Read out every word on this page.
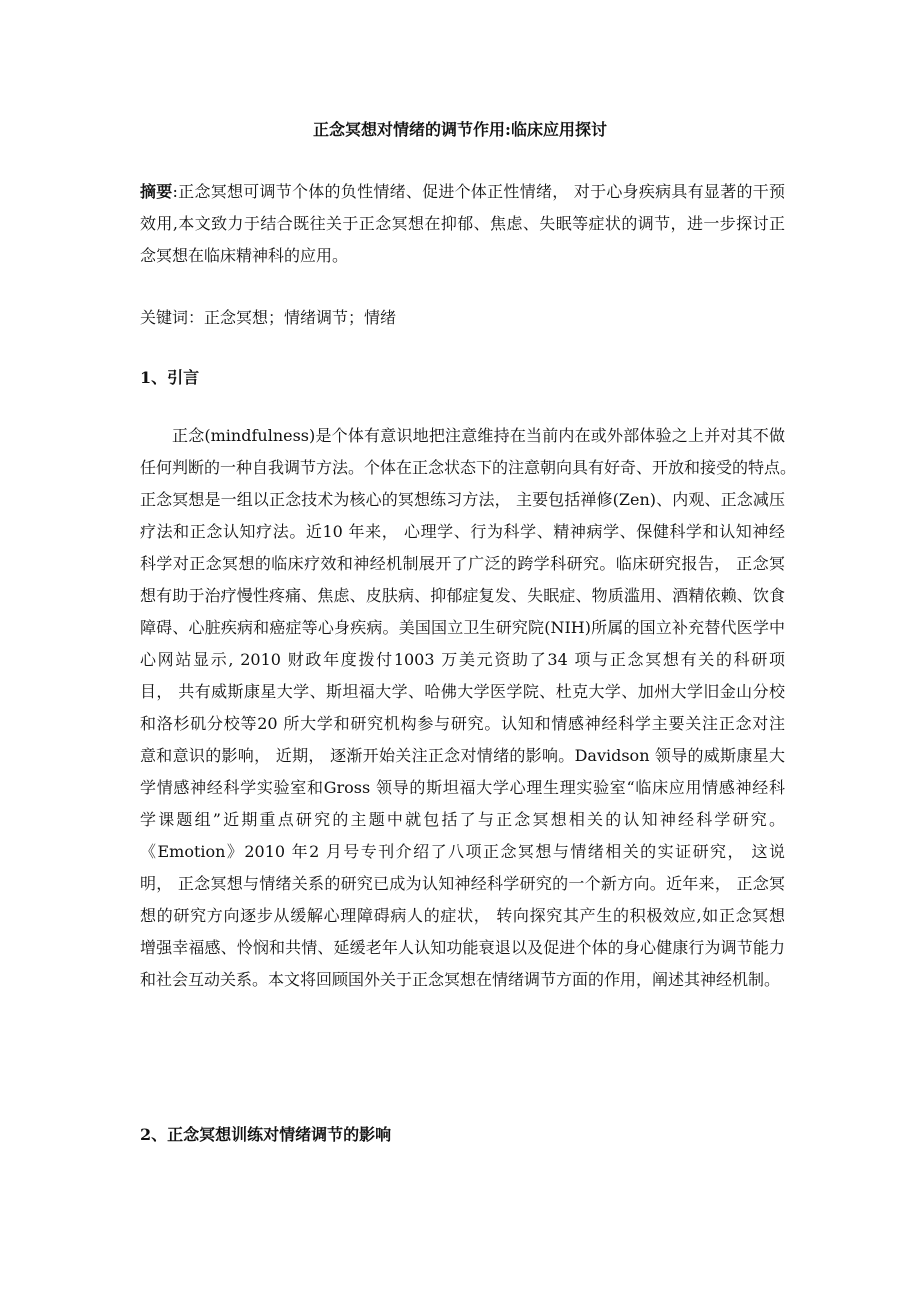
正念冥想对情绪的调节作用:临床应用探讨

摘要:正念冥想可调节个体的负性情绪、促进个体正性情绪， 对于心身疾病具有显著的干预
效用,本文致力于结合既往关于正念冥想在抑郁、焦虑、失眠等症状的调节，进一步探讨正
念冥想在临床精神科的应用。

关键词：正念冥想；情绪调节；情绪

1、引言

正念(mindfulness)是个体有意识地把注意维持在当前内在或外部体验之上并对其不做
任何判断的一种自我调节方法。个体在正念状态下的注意朝向具有好奇、开放和接受的特点。
正念冥想是一组以正念技术为核心的冥想练习方法， 主要包括禅修(Zen)、内观、正念减压
疗法和正念认知疗法。近10 年来， 心理学、行为科学、精神病学、保健科学和认知神经
科学对正念冥想的临床疗效和神经机制展开了广泛的跨学科研究。临床研究报告， 正念冥
想有助于治疗慢性疼痛、焦虑、皮肤病、抑郁症复发、失眠症、物质滥用、酒精依赖、饮食
障碍、心脏疾病和癌症等心身疾病。美国国立卫生研究院(NIH)所属的国立补充替代医学中
心网站显示, 2010 财政年度拨付1003 万美元资助了34 项与正念冥想有关的科研项
目， 共有威斯康星大学、斯坦福大学、哈佛大学医学院、杜克大学、加州大学旧金山分校
和洛杉矶分校等20 所大学和研究机构参与研究。认知和情感神经科学主要关注正念对注
意和意识的影响， 近期， 逐渐开始关注正念对情绪的影响。Davidson 领导的威斯康星大
学情感神经科学实验室和Gross 领导的斯坦福大学心理生理实验室“临床应用情感神经科
学课题组”近期重点研究的主题中就包括了与正念冥想相关的认知神经科学研究。
《Emotion》2010 年2 月号专刊介绍了八项正念冥想与情绪相关的实证研究， 这说
明， 正念冥想与情绪关系的研究已成为认知神经科学研究的一个新方向。近年来， 正念冥
想的研究方向逐步从缓解心理障碍病人的症状， 转向探究其产生的积极效应,如正念冥想
增强幸福感、怜悯和共情、延缓老年人认知功能衰退以及促进个体的身心健康行为调节能力
和社会互动关系。本文将回顾国外关于正念冥想在情绪调节方面的作用，阐述其神经机制。

2、正念冥想训练对情绪调节的影响
